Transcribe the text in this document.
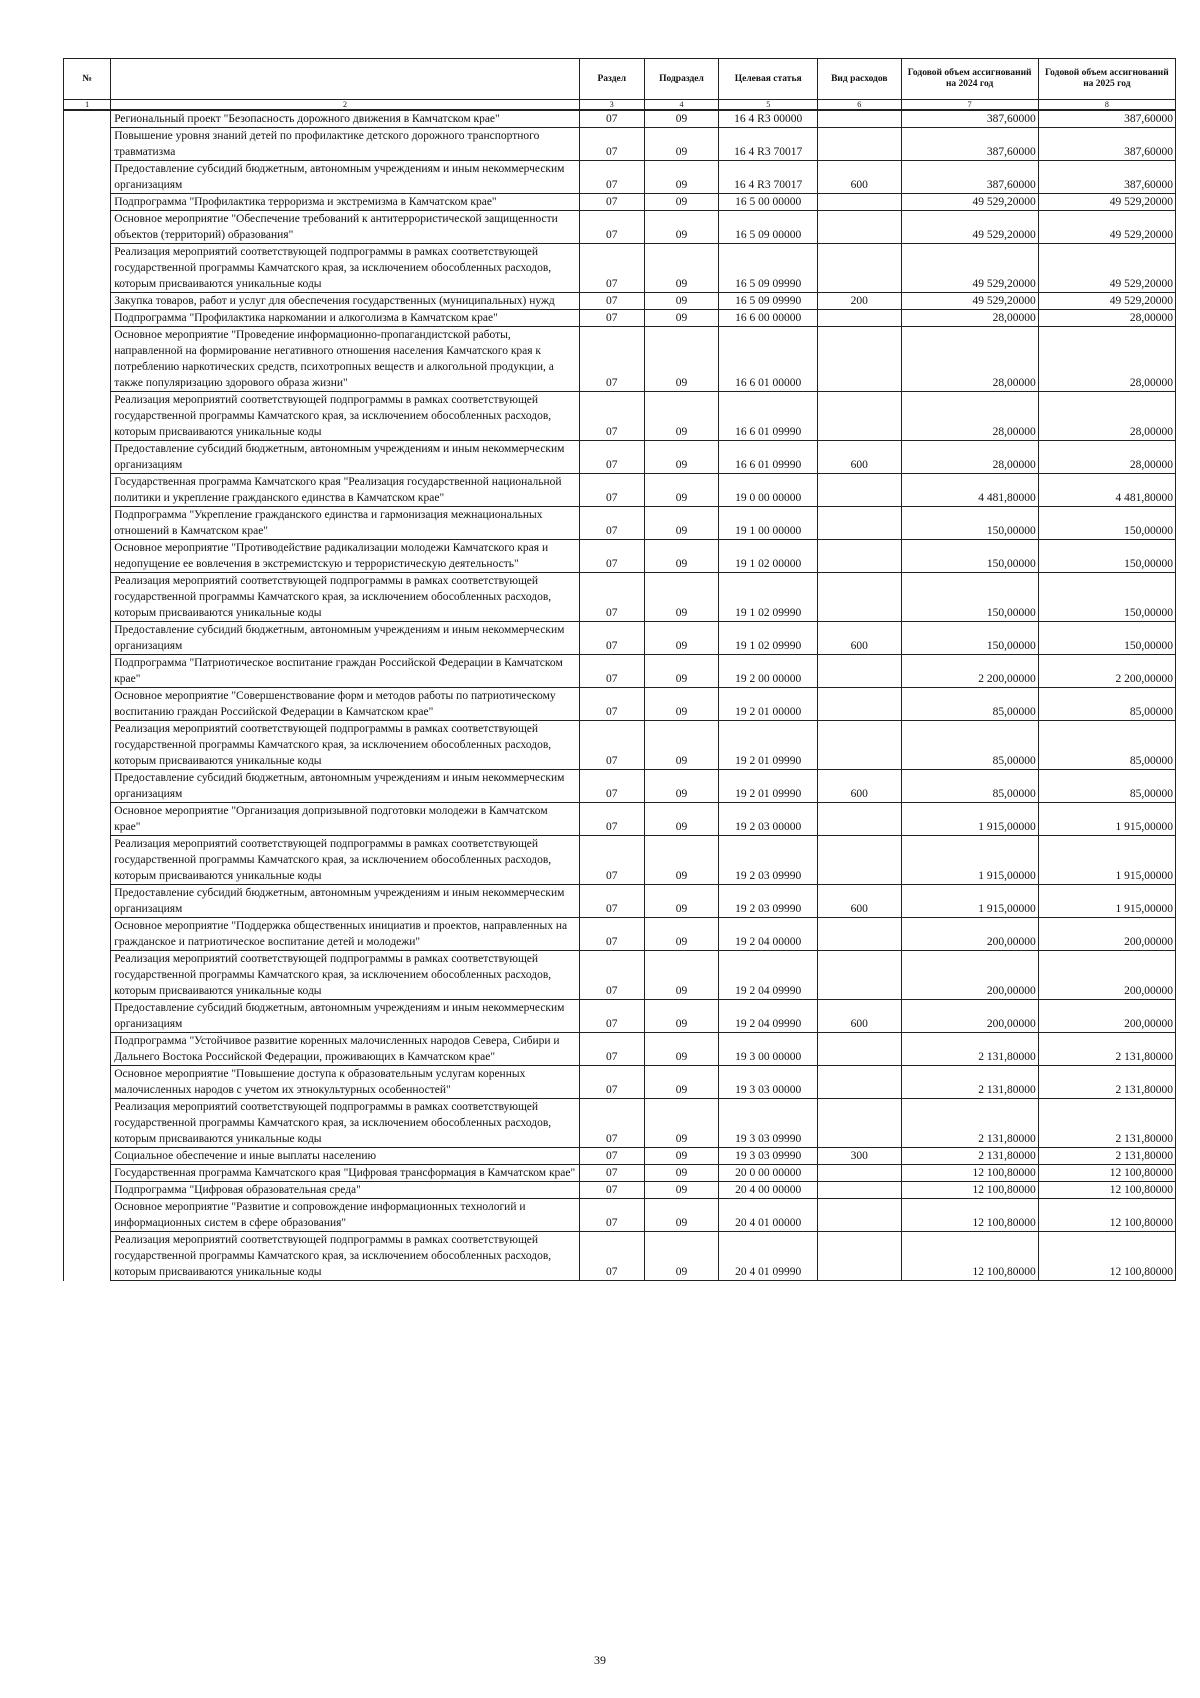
№		Раздел	Подраздел	Целевая статья	Вид расходов	Годовой объем ассигнований на 2024 год	Годовой объем ассигнований на 2025 год
1	2	3	4	5	6	7	8
	Региональный проект "Безопасность дорожного движения в Камчатском крае"	07	09	16 4 R3 00000		387,60000	387,60000
	Повышение уровня знаний детей по профилактике детского дорожного транспортного травматизма	07	09	16 4 R3 70017		387,60000	387,60000
	Предоставление субсидий бюджетным, автономным учреждениям и иным некоммерческим организациям	07	09	16 4 R3 70017	600	387,60000	387,60000
	Подпрограмма "Профилактика терроризма и экстремизма в Камчатском крае"	07	09	16 5 00 00000		49 529,20000	49 529,20000
	Основное мероприятие "Обеспечение требований к антитеррористической защищенности объектов (территорий) образования"	07	09	16 5 09 00000		49 529,20000	49 529,20000
	Реализация мероприятий соответствующей подпрограммы в рамках соответствующей государственной программы Камчатского края, за исключением обособленных расходов, которым присваиваются уникальные коды	07	09	16 5 09 09990		49 529,20000	49 529,20000
	Закупка товаров, работ и услуг для обеспечения государственных (муниципальных) нужд	07	09	16 5 09 09990	200	49 529,20000	49 529,20000
	Подпрограмма "Профилактика наркомании и алкоголизма в Камчатском крае"	07	09	16 6 00 00000		28,00000	28,00000
	Основное мероприятие "Проведение информационно-пропагандистской работы, направленной на формирование негативного отношения населения Камчатского края к потреблению наркотических средств, психотропных веществ и алкогольной продукции, а также популяризацию здорового образа жизни"	07	09	16 6 01 00000		28,00000	28,00000
	Реализация мероприятий соответствующей подпрограммы в рамках соответствующей государственной программы Камчатского края, за исключением обособленных расходов, которым присваиваются уникальные коды	07	09	16 6 01 09990		28,00000	28,00000
	Предоставление субсидий бюджетным, автономным учреждениям и иным некоммерческим организациям	07	09	16 6 01 09990	600	28,00000	28,00000
	Государственная программа Камчатского края "Реализация государственной национальной политики и укрепление гражданского единства в Камчатском крае"	07	09	19 0 00 00000		4 481,80000	4 481,80000
	Подпрограмма "Укрепление гражданского единства и гармонизация межнациональных отношений в Камчатском крае"	07	09	19 1 00 00000		150,00000	150,00000
	Основное мероприятие "Противодействие радикализации молодежи Камчатского края и недопущение ее вовлечения в экстремистскую и террористическую деятельность"	07	09	19 1 02 00000		150,00000	150,00000
	Реализация мероприятий соответствующей подпрограммы в рамках соответствующей государственной программы Камчатского края, за исключением обособленных расходов, которым присваиваются уникальные коды	07	09	19 1 02 09990		150,00000	150,00000
	Предоставление субсидий бюджетным, автономным учреждениям и иным некоммерческим организациям	07	09	19 1 02 09990	600	150,00000	150,00000
	Подпрограмма "Патриотическое воспитание граждан Российской Федерации в Камчатском крае"	07	09	19 2 00 00000		2 200,00000	2 200,00000
	Основное мероприятие "Совершенствование форм и методов работы по патриотическому воспитанию граждан Российской Федерации в Камчатском крае"	07	09	19 2 01 00000		85,00000	85,00000
	Реализация мероприятий соответствующей подпрограммы в рамках соответствующей государственной программы Камчатского края, за исключением обособленных расходов, которым присваиваются уникальные коды	07	09	19 2 01 09990		85,00000	85,00000
	Предоставление субсидий бюджетным, автономным учреждениям и иным некоммерческим организациям	07	09	19 2 01 09990	600	85,00000	85,00000
	Основное мероприятие "Организация допризывной подготовки молодежи в Камчатском крае"	07	09	19 2 03 00000		1 915,00000	1 915,00000
	Реализация мероприятий соответствующей подпрограммы в рамках соответствующей государственной программы Камчатского края, за исключением обособленных расходов, которым присваиваются уникальные коды	07	09	19 2 03 09990		1 915,00000	1 915,00000
	Предоставление субсидий бюджетным, автономным учреждениям и иным некоммерческим организациям	07	09	19 2 03 09990	600	1 915,00000	1 915,00000
	Основное мероприятие "Поддержка общественных инициатив и проектов, направленных на гражданское и патриотическое воспитание детей и молодежи"	07	09	19 2 04 00000		200,00000	200,00000
	Реализация мероприятий соответствующей подпрограммы в рамках соответствующей государственной программы Камчатского края, за исключением обособленных расходов, которым присваиваются уникальные коды	07	09	19 2 04 09990		200,00000	200,00000
	Предоставление субсидий бюджетным, автономным учреждениям и иным некоммерческим организациям	07	09	19 2 04 09990	600	200,00000	200,00000
	Подпрограмма "Устойчивое развитие коренных малочисленных народов Севера, Сибири и Дальнего Востока Российской Федерации, проживающих в Камчатском крае"	07	09	19 3 00 00000		2 131,80000	2 131,80000
	Основное мероприятие "Повышение доступа к образовательным услугам коренных малочисленных народов с учетом их этнокультурных особенностей"	07	09	19 3 03 00000		2 131,80000	2 131,80000
	Реализация мероприятий соответствующей подпрограммы в рамках соответствующей государственной программы Камчатского края, за исключением обособленных расходов, которым присваиваются уникальные коды	07	09	19 3 03 09990		2 131,80000	2 131,80000
	Социальное обеспечение и иные выплаты населению	07	09	19 3 03 09990	300	2 131,80000	2 131,80000
	Государственная программа Камчатского края "Цифровая трансформация в Камчатском крае"	07	09	20 0 00 00000		12 100,80000	12 100,80000
	Подпрограмма "Цифровая образовательная среда"	07	09	20 4 00 00000		12 100,80000	12 100,80000
	Основное мероприятие "Развитие и сопровождение информационных технологий и информационных систем в сфере образования"	07	09	20 4 01 00000		12 100,80000	12 100,80000
	Реализация мероприятий соответствующей подпрограммы в рамках соответствующей государственной программы Камчатского края, за исключением обособленных расходов, которым присваиваются уникальные коды	07	09	20 4 01 09990		12 100,80000	12 100,80000
39
